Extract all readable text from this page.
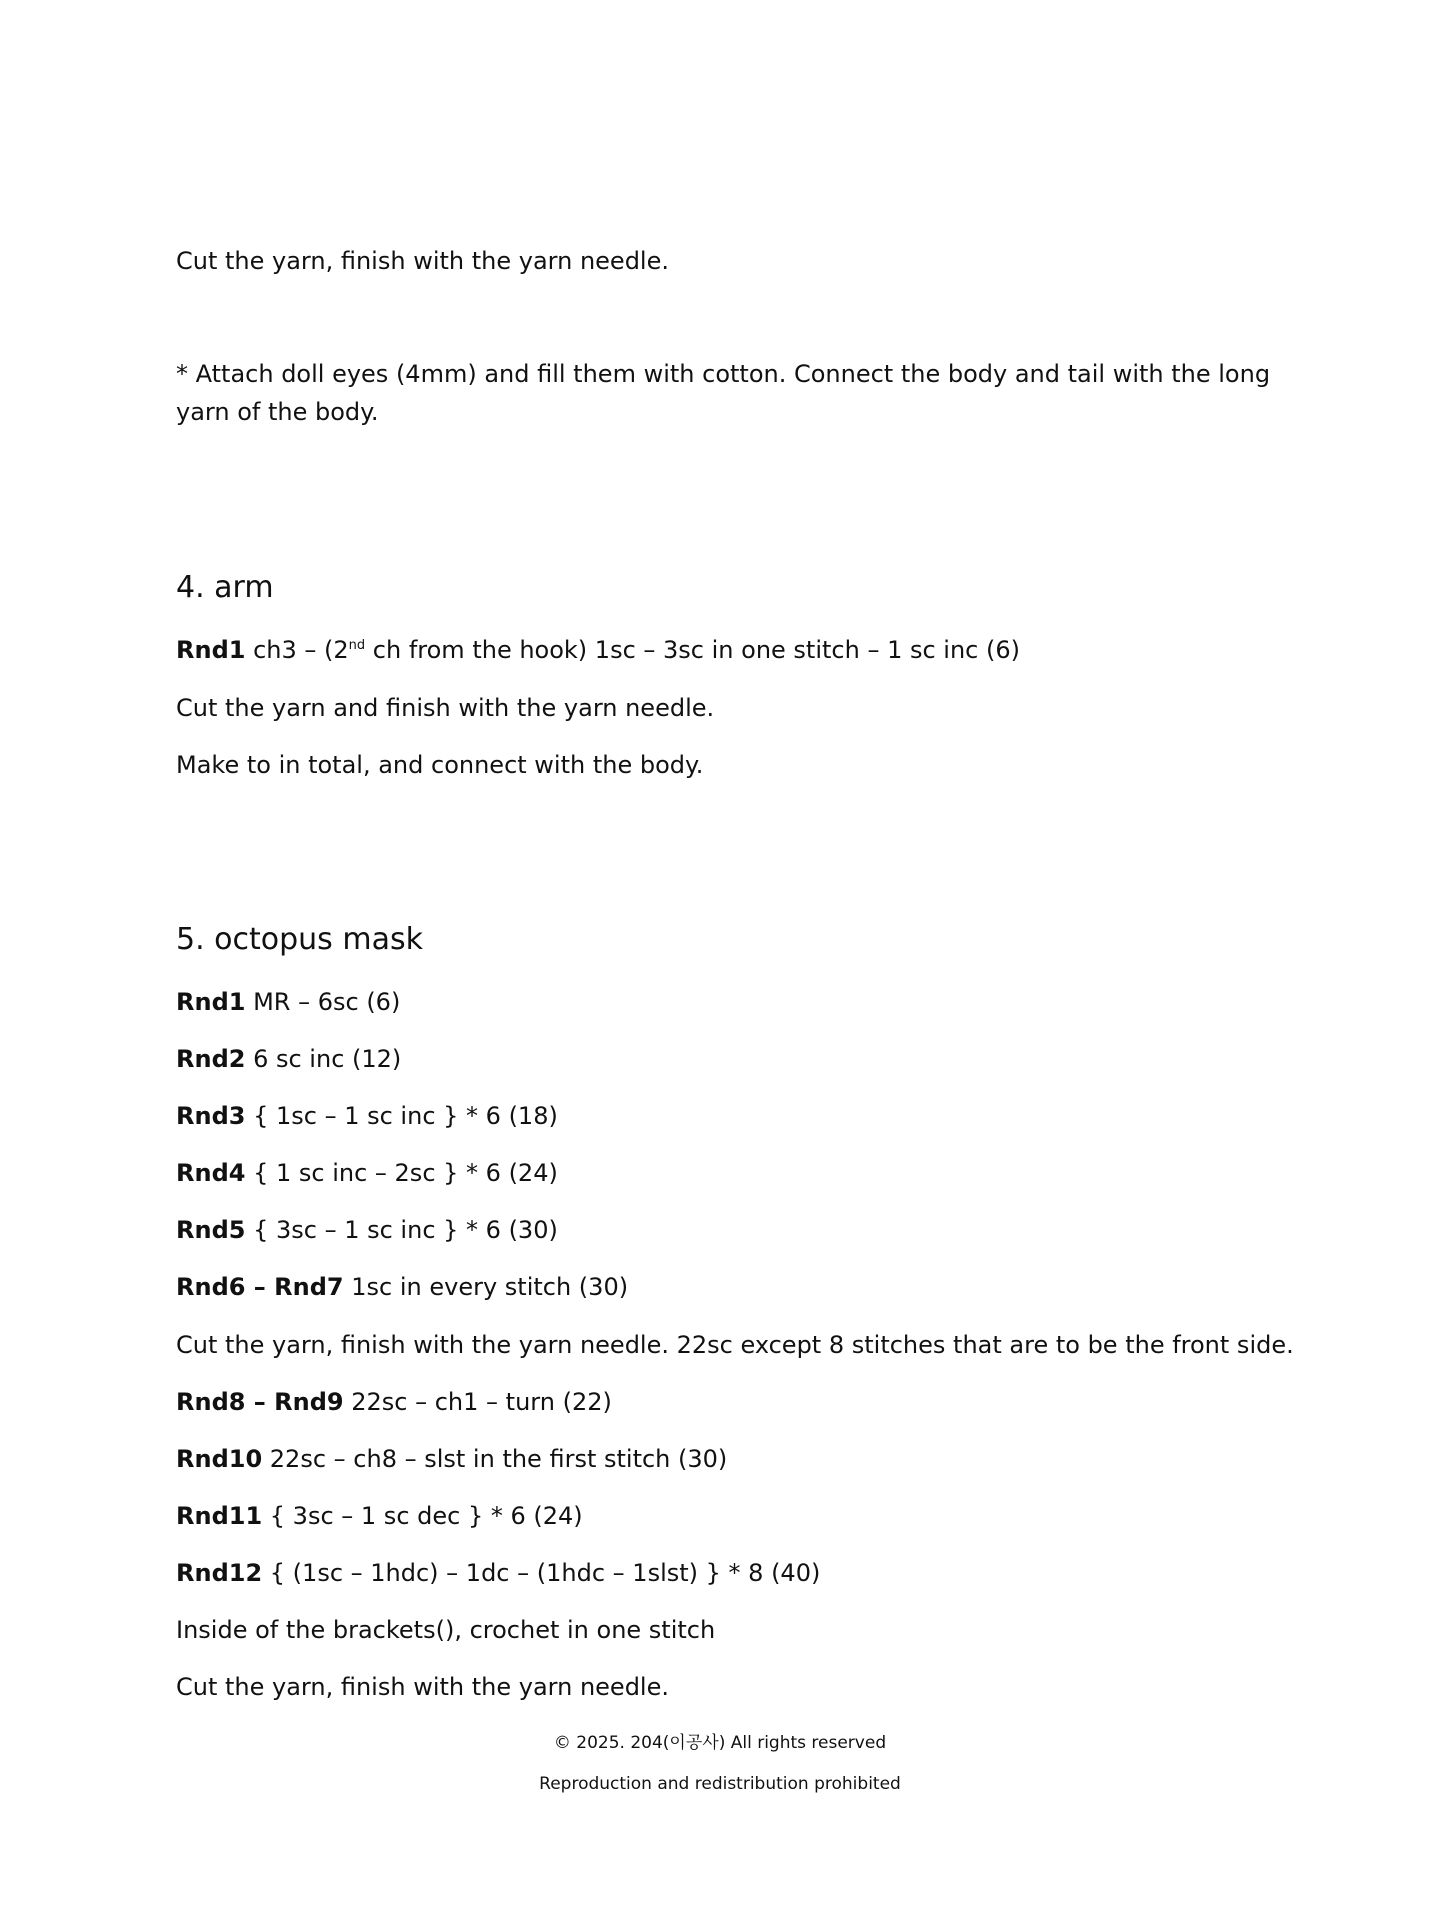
Cut the yarn, finish with the yarn needle.

* Attach doll eyes (4mm) and fill them with cotton. Connect the body and tail with the long yarn of the body.

4. arm

Rnd1 ch3 – (2nd ch from the hook) 1sc – 3sc in one stitch – 1 sc inc (6)

Cut the yarn and finish with the yarn needle.

Make to in total, and connect with the body.

5. octopus mask

Rnd1 MR – 6sc (6)

Rnd2 6 sc inc (12)

Rnd3 { 1sc – 1 sc inc } * 6 (18)

Rnd4 { 1 sc inc – 2sc } * 6 (24)

Rnd5 { 3sc – 1 sc inc } * 6 (30)

Rnd6 – Rnd7 1sc in every stitch (30)

Cut the yarn, finish with the yarn needle. 22sc except 8 stitches that are to be the front side.

Rnd8 – Rnd9 22sc – ch1 – turn (22)

Rnd10 22sc – ch8 – slst in the first stitch (30)

Rnd11 { 3sc – 1 sc dec } * 6 (24)

Rnd12 { (1sc – 1hdc) – 1dc – (1hdc – 1slst) } * 8 (40)

Inside of the brackets(), crochet in one stitch

Cut the yarn, finish with the yarn needle.

© 2025. 204(이공사) All rights reserved

Reproduction and redistribution prohibited
